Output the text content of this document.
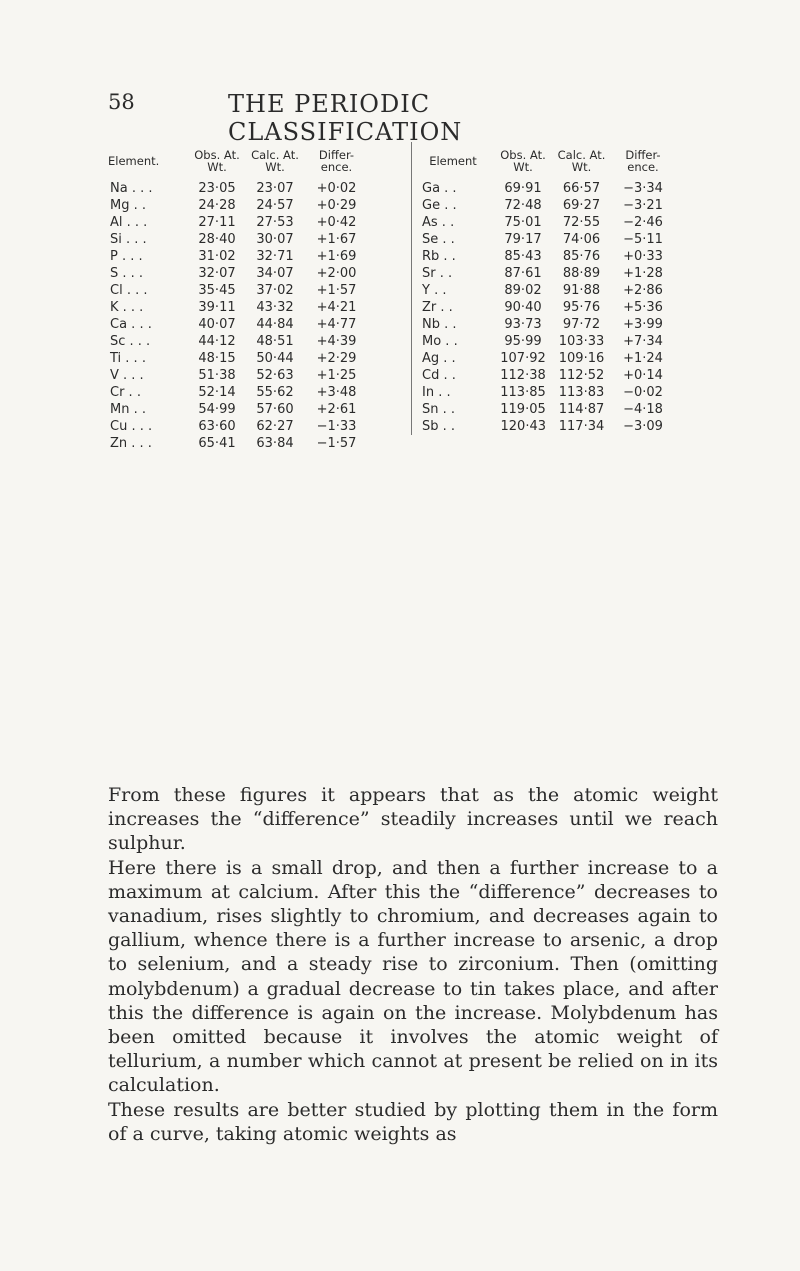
58	THE PERIODIC CLASSIFICATION
Element.	Obs. At. Wt.	Calc. At. Wt.	Differ- ence.
Na . . .	23·05	23·07	+0·02
Mg . .	24·28	24·57	+0·29
Al . . .	27·11	27·53	+0·42
Si . . .	28·40	30·07	+1·67
P . . .	31·02	32·71	+1·69
S . . .	32·07	34·07	+2·00
Cl . . .	35·45	37·02	+1·57
K . . .	39·11	43·32	+4·21
Ca . . .	40·07	44·84	+4·77
Sc . . .	44·12	48·51	+4·39
Ti . . .	48·15	50·44	+2·29
V . . .	51·38	52·63	+1·25
Cr . .	52·14	55·62	+3·48
Mn . .	54·99	57·60	+2·61
Cu . . .	63·60	62·27	−1·33
Zn . . .	65·41	63·84	−1·57
Element	Obs. At. Wt.	Calc. At. Wt.	Differ- ence.
Ga . .	69·91	66·57	−3·34
Ge . .	72·48	69·27	−3·21
As . .	75·01	72·55	−2·46
Se . .	79·17	74·06	−5·11
Rb . .	85·43	85·76	+0·33
Sr . .	87·61	88·89	+1·28
Y . .	89·02	91·88	+2·86
Zr . .	90·40	95·76	+5·36
Nb . .	93·73	97·72	+3·99
Mo . .	95·99	103·33	+7·34
Ag . .	107·92	109·16	+1·24
Cd . .	112·38	112·52	+0·14
In . .	113·85	113·83	−0·02
Sn . .	119·05	114·87	−4·18
Sb . .	120·43	117·34	−3·09

From these figures it appears that as the atomic weight increases the “difference” steadily increases until we reach sulphur.

Here there is a small drop, and then a further increase to a maximum at calcium. After this the “difference” decreases to vanadium, rises slightly to chromium, and decreases again to gallium, whence there is a further increase to arsenic, a drop to selenium, and a steady rise to zirconium. Then (omitting molybdenum) a gradual decrease to tin takes place, and after this the difference is again on the increase. Molybdenum has been omitted because it involves the atomic weight of tellurium, a number which cannot at present be relied on in its calculation.

These results are better studied by plotting them in the form of a curve, taking atomic weights as
